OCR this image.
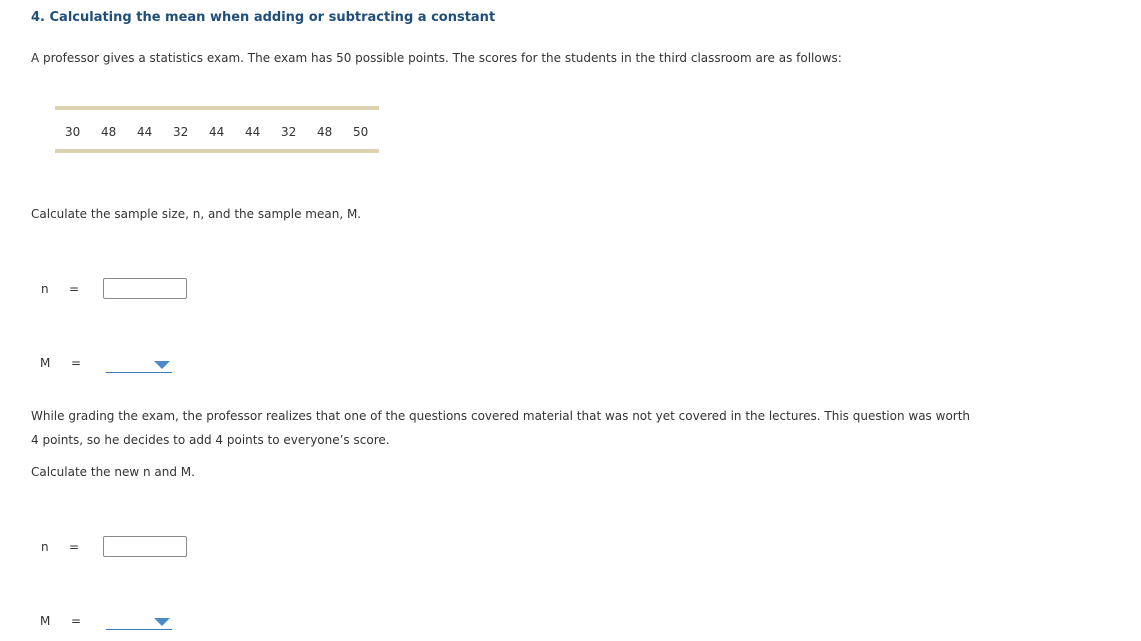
4. Calculating the mean when adding or subtracting a constant
A professor gives a statistics exam. The exam has 50 possible points. The scores for the students in the third classroom are as follows:
30 48 44 32 44 44 32 48 50
Calculate the sample size, n, and the sample mean, M.
n =
M =
While grading the exam, the professor realizes that one of the questions covered material that was not yet covered in the lectures. This question was worth 4 points, so he decides to add 4 points to everyone’s score.
Calculate the new n and M.
n =
M =
